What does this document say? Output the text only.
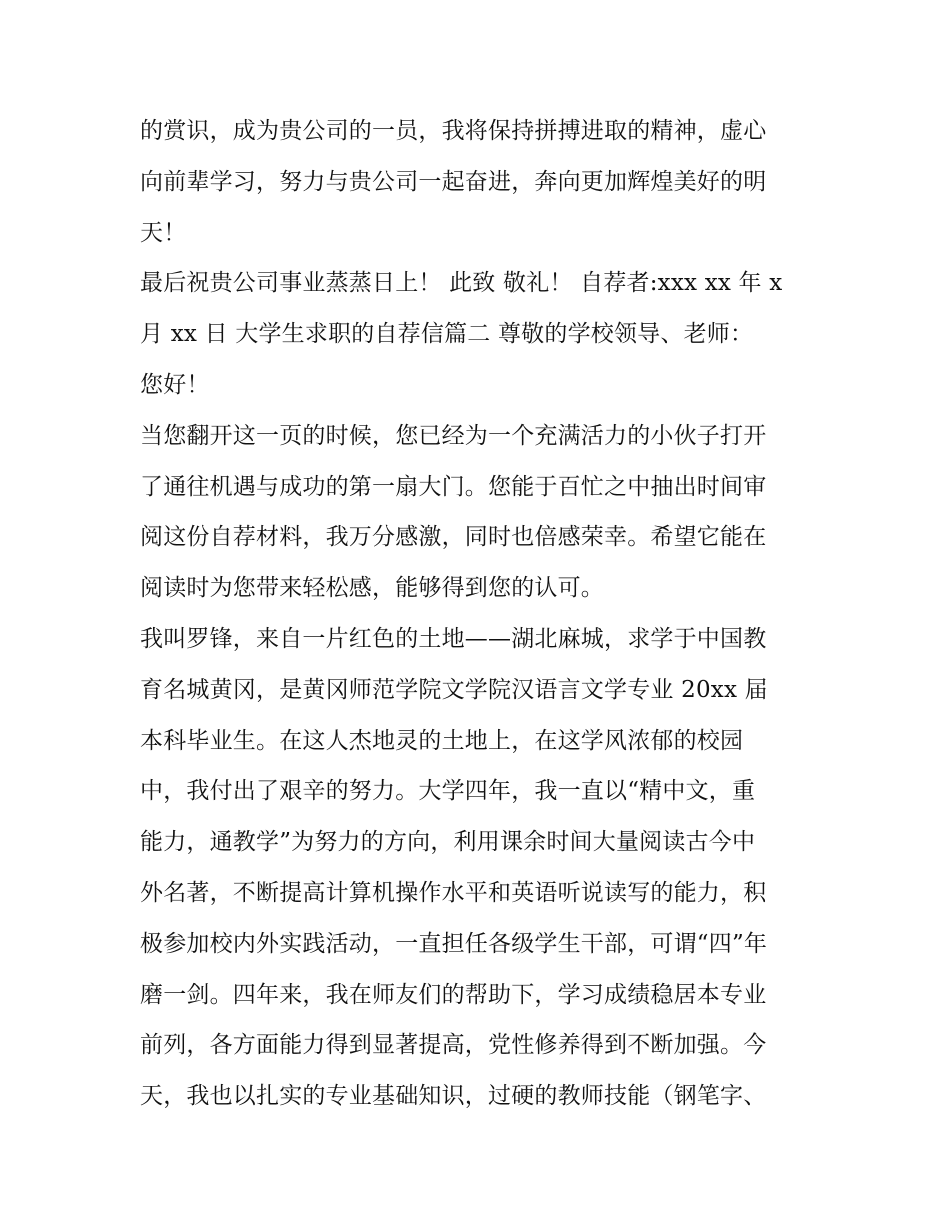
的赏识，成为贵公司的一员，我将保持拼搏进取的精神，虚心
向前辈学习，努力与贵公司一起奋进，奔向更加辉煌美好的明
天！
最后祝贵公司事业蒸蒸日上！ 此致 敬礼！ 自荐者:xxx xx 年 x
月 xx 日 大学生求职的自荐信篇二 尊敬的学校领导、老师：
您好！
当您翻开这一页的时候，您已经为一个充满活力的小伙子打开
了通往机遇与成功的第一扇大门。您能于百忙之中抽出时间审
阅这份自荐材料，我万分感激，同时也倍感荣幸。希望它能在
阅读时为您带来轻松感，能够得到您的认可。
我叫罗锋，来自一片红色的土地——湖北麻城，求学于中国教
育名城黄冈，是黄冈师范学院文学院汉语言文学专业 20xx 届
本科毕业生。在这人杰地灵的土地上，在这学风浓郁的校园
中，我付出了艰辛的努力。大学四年，我一直以“精中文，重
能力，通教学”为努力的方向，利用课余时间大量阅读古今中
外名著，不断提高计算机操作水平和英语听说读写的能力，积
极参加校内外实践活动，一直担任各级学生干部，可谓“四”年
磨一剑。四年来，我在师友们的帮助下，学习成绩稳居本专业
前列，各方面能力得到显著提高，党性修养得到不断加强。今
天，我也以扎实的专业基础知识，过硬的教师技能（钢笔字、
